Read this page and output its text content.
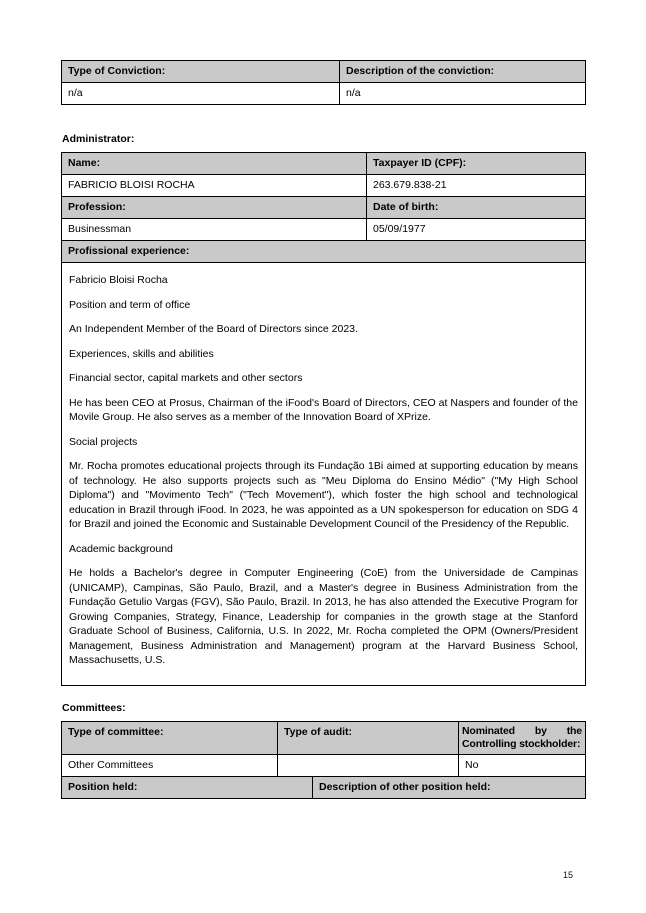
Type of Conviction:	Description of the conviction:
n/a	n/a
Administrator:
Name:	Taxpayer ID (CPF):
FABRICIO BLOISI ROCHA	263.679.838-21
Profession:	Date of birth:
Businessman	05/09/1977
Profissional experience:	

Fabricio Bloisi Rocha

Position and term of office

An Independent Member of the Board of Directors since 2023.

Experiences, skills and abilities

Financial sector, capital markets and other sectors

He has been CEO at Prosus, Chairman of the iFood's Board of Directors, CEO at Naspers and founder of the Movile Group. He also serves as a member of the Innovation Board of XPrize.

Social projects

Mr. Rocha promotes educational projects through its Fundação 1Bi aimed at supporting education by means of technology. He also supports projects such as "Meu Diploma do Ensino Médio" ("My High School Diploma") and "Movimento Tech" ("Tech Movement"), which foster the high school and technological education in Brazil through iFood. In 2023, he was appointed as a UN spokesperson for education on SDG 4 for Brazil and joined the Economic and Sustainable Development Council of the Presidency of the Republic.

Academic background

He holds a Bachelor's degree in Computer Engineering (CoE) from the Universidade de Campinas (UNICAMP), Campinas, São Paulo, Brazil, and a Master's degree in Business Administration from the Fundação Getulio Vargas (FGV), São Paulo, Brazil. In 2013, he has also attended the Executive Program for Growing Companies, Strategy, Finance, Leadership for companies in the growth stage at the Stanford Graduate School of Business, California, U.S. In 2022, Mr. Rocha completed the OPM (Owners/President Management, Business Administration and Management) program at the Harvard Business School, Massachusetts, U.S.

Committees:
Type of committee:	Type of audit:		Nominated by the Controlling stockholder:
Other Committees			No
Position held:		Description of other position held:	
15
